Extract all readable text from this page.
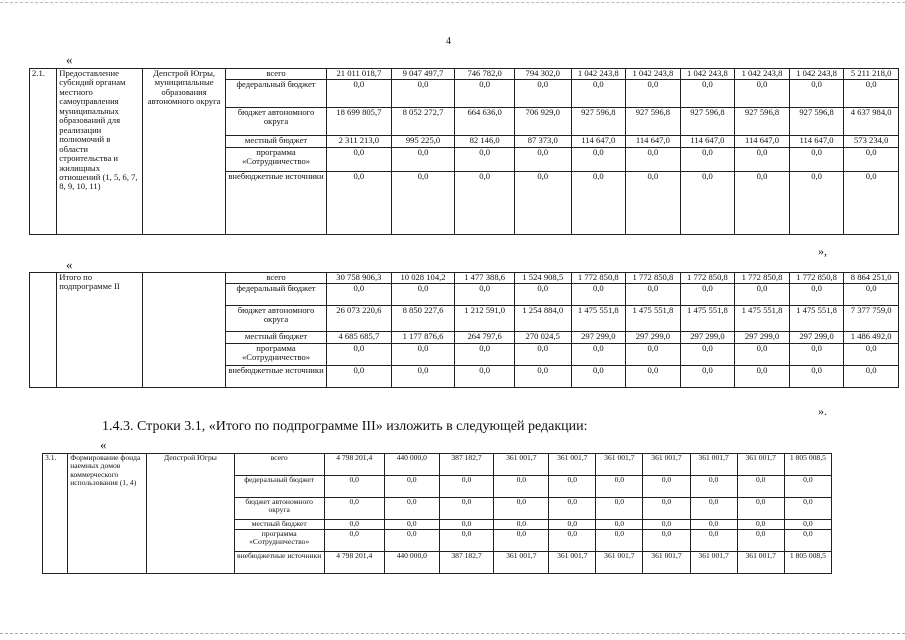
4
«
2.1.	Предоставление субсидий органам местного самоуправления муниципальных образований для реализации полномочий в области строительства и жилищных отношений (1, 5, 6, 7, 8, 9, 10, 11)	Депстрой Югры, муниципальные образования автономного округа	всего	21 011 018,7	9 047 497,7	746 782,0	794 302,0	1 042 243,8	1 042 243,8	1 042 243,8	1 042 243,8	1 042 243,8	5 211 218,0
			федеральный бюджет	0,0	0,0	0,0	0,0	0,0	0,0	0,0	0,0	0,0	0,0
			бюджет автономного округа	18 699 805,7	8 052 272,7	664 636,0	706 929,0	927 596,8	927 596,8	927 596,8	927 596,8	927 596,8	4 637 984,0
			местный бюджет	2 311 213,0	995 225,0	82 146,0	87 373,0	114 647,0	114 647,0	114 647,0	114 647,0	114 647,0	573 234,0
			программа «Сотрудничество»	0,0	0,0	0,0	0,0	0,0	0,0	0,0	0,0	0,0	0,0
			внебюджетные источники	0,0	0,0	0,0	0,0	0,0	0,0	0,0	0,0	0,0	0,0
»,
«
	Итого по подпрограмме II		всего	30 758 906,3	10 028 104,2	1 477 388,6	1 524 908,5	1 772 850,8	1 772 850,8	1 772 850,8	1 772 850,8	1 772 850,8	8 864 251,0
			федеральный бюджет	0,0	0,0	0,0	0,0	0,0	0,0	0,0	0,0	0,0	0,0
			бюджет автономного округа	26 073 220,6	8 850 227,6	1 212 591,0	1 254 884,0	1 475 551,8	1 475 551,8	1 475 551,8	1 475 551,8	1 475 551,8	7 377 759,0
			местный бюджет	4 685 685,7	1 177 876,6	264 797,6	270 024,5	297 299,0	297 299,0	297 299,0	297 299,0	297 299,0	1 486 492,0
			программа «Сотрудничество»	0,0	0,0	0,0	0,0	0,0	0,0	0,0	0,0	0,0	0,0
			внебюджетные источники	0,0	0,0	0,0	0,0	0,0	0,0	0,0	0,0	0,0	0,0
».
1.4.3. Строки 3.1, «Итого по подпрограмме III» изложить в следующей редакции:
«
3.1.	Формирование фонда наемных домов коммерческого использования (1, 4)	Депстрой Югры	всего	4 798 201,4	440 000,0	387 182,7	361 001,7	361 001,7	361 001,7	361 001,7	361 001,7	361 001,7	1 805 008,5
			федеральный бюджет	0,0	0,0	0,0	0,0	0,0	0,0	0,0	0,0	0,0	0,0
			бюджет автономного округа	0,0	0,0	0,0	0,0	0,0	0,0	0,0	0,0	0,0	0,0
			местный бюджет	0,0	0,0	0,0	0,0	0,0	0,0	0,0	0,0	0,0	0,0
			программа «Сотрудничество»	0,0	0,0	0,0	0,0	0,0	0,0	0,0	0,0	0,0	0,0
			внебюджетные источники	4 798 201,4	440 000,0	387 182,7	361 001,7	361 001,7	361 001,7	361 001,7	361 001,7	361 001,7	1 805 008,5
